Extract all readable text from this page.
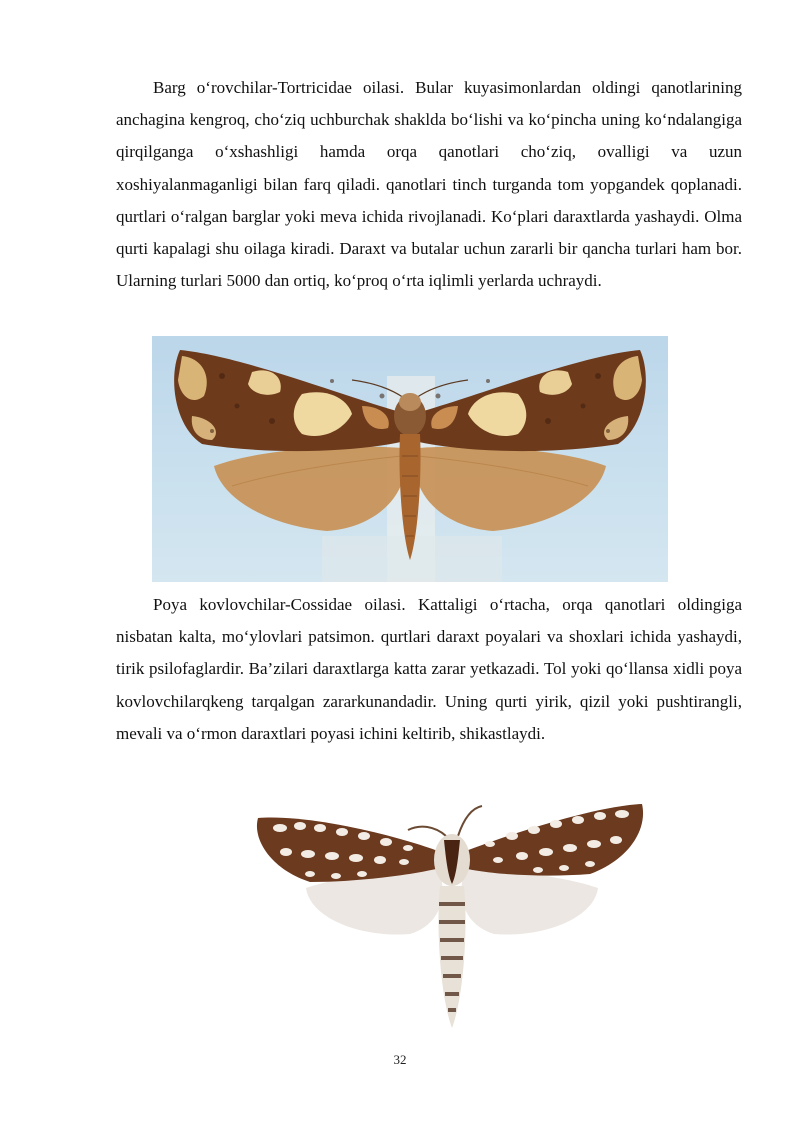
Barg o‘rovchilar-Tortricidae oilasi. Bular kuyasimonlardan oldingi qanotlarining anchagina kengroq, cho‘ziq uchburchak shaklda bo‘lishi va ko‘pincha uning ko‘ndalangiga qirqilganga o‘xshashligi hamda orqa qanotlari cho‘ziq, ovalligi va uzun xoshiyalanmaganligi bilan farq qiladi. qanotlari tinch turganda tom yopgandek qoplanadi. qurtlari o‘ralgan barglar yoki meva ichida rivojlanadi. Ko‘plari daraxtlarda yashaydi. Olma qurti kapalagi shu oilaga kiradi. Daraxt va butalar uchun zararli bir qancha turlari ham bor. Ularning turlari 5000 dan ortiq, ko‘proq o‘rta iqlimli yerlarda uchraydi.

Poya kovlovchilar-Cossidae oilasi. Kattaligi o‘rtacha, orqa qanotlari oldingiga nisbatan kalta, mo‘ylovlari patsimon. qurtlari daraxt poyalari va shoxlari ichida yashaydi, tirik psilofaglardir. Ba’zilari daraxtlarga katta zarar yetkazadi. Tol yoki qo‘llansa xidli poya kovlovchilarqkeng tarqalgan zararkunandadir. Uning qurti yirik, qizil yoki pushtirangli, mevali va o‘rmon daraxtlari poyasi ichini keltirib, shikastlaydi.

32
